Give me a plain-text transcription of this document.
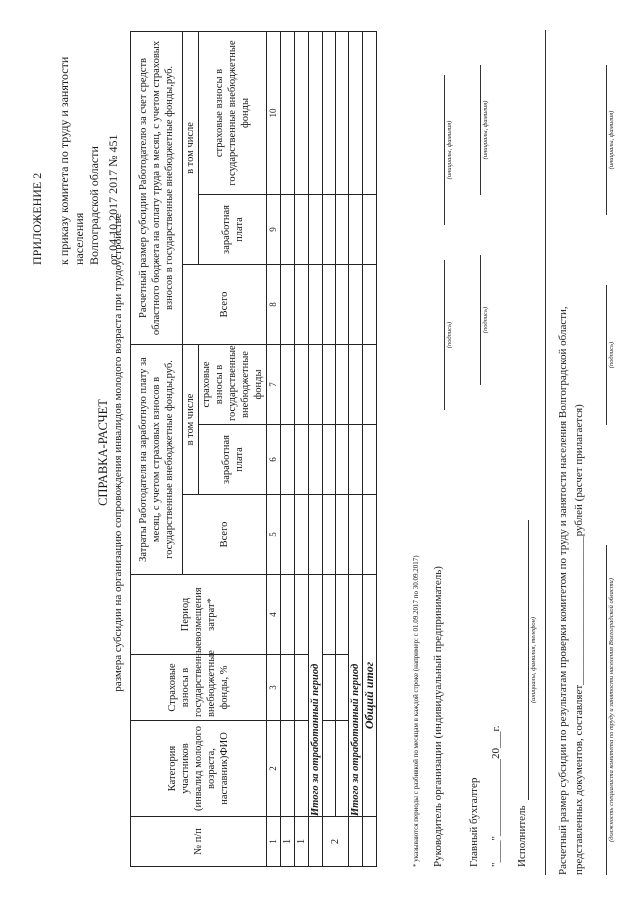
ПРИЛОЖЕНИЕ 2 к приказу комитета по труду и занятости населения Волгоградской области от 04.10.2017 2017 № 451
СПРАВКА-РАСЧЕТ размера субсидии на организацию сопровождения инвалидов молодого возраста при трудоустройстве
№ п/п	Категория участников (инвалид молодого возраста, наставник)ФИО	Страховые взносы в государственные внебюджетные фонды, %	Период возмещения затрат*	Затраты Работодателя на заработную плату за месяц, с учетом страховых взносов в государственные внебюджетные фонды,руб.			Расчетный размер субсидии Работодателю за счет средств областного бюджета на оплату труда в месяц, с учетом страховых взносов в государственные внебюджетные фонды,руб.		
				Всего	в том числе		Всего	в том числе	
					заработная плата	страховые взносы в государственные внебюджетные фонды		заработная плата	страховые взносы в государственные внебюджетные фонды
1	2	3	4	5	6	7	8	9	10
1									
1									
	Итого за отработанный период								
2									

	Итого за отработанный период								
	Общий итог									* указываются периоды с разбивкой по месяцам в каждой строке (например: с 01.09.2017 по 30.09.2017) Руководитель организации (индивидуальный предприниматель)
(подпись)
(инициалы, фамилия)
Главный бухгалтер
(подпись)
(инициалы, фамилия)
"____"______________20___г. Исполнитель
(инициалы, фамилия, телефон) Расчетный размер субсидии по результатам проверки комитетом по труду и занятости населения Волгоградской области, представленных документов, составляет___________________________рублей (расчет прилагается)	(должность специалиста комитета по труду и занятости населения Волгоградской области)
(подпись)
(инициалы, фамилия)
